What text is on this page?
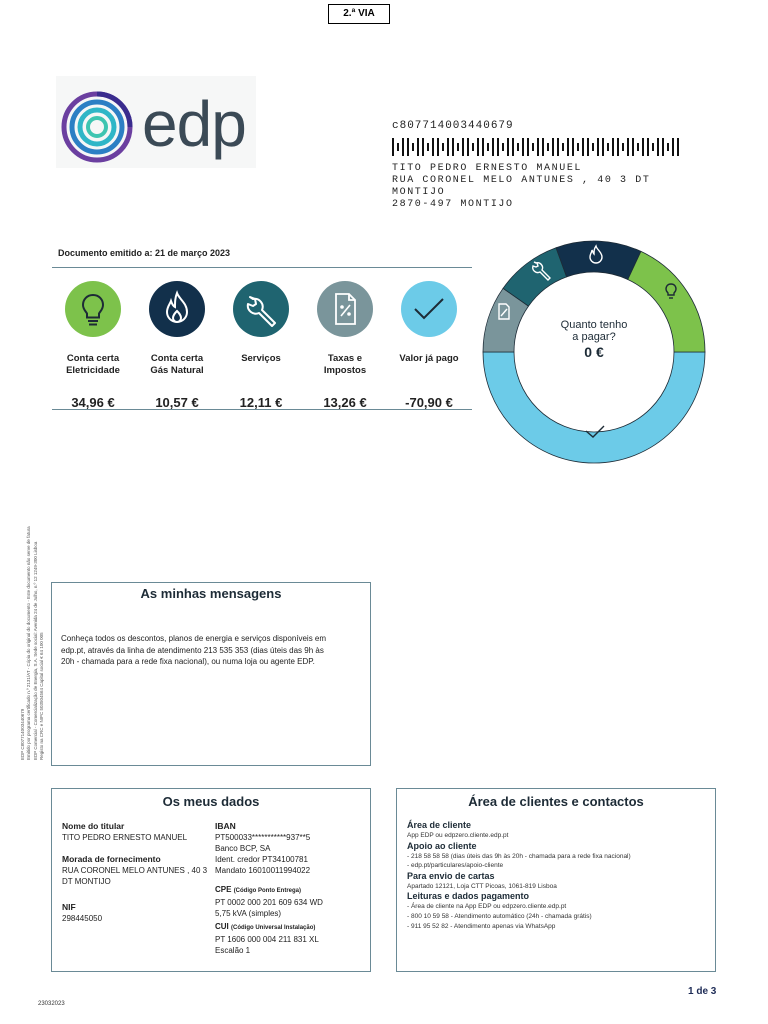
2.ª VIA
edp	c807714003440679
TITO PEDRO ERNESTO MANUEL
RUA CORONEL MELO ANTUNES , 40 3 DT
MONTIJO
2870-497 MONTIJO
Documento emitido a: 21 de março 2023
Conta certa
Eletricidade
34,96 €
Conta certa
Gás Natural
10,57 €
Serviços

12,11 €
Taxas e
Impostos
13,26 €
Valor já pago

-70,90 €
Quanto tenho
a pagar?
0 €
EDP C807714003440679 Emitido por programa certificado n.º 2131/AT - Cópia do original do documento - Este documento não serve de fatura EDP Comercial - Comercialização de Energia, S.A. Sede social: Avenida 24 de Julho, n.º 12 1249-300 Lisboa Registo na CRC e NIPC 503504564 Capital social € 64 100 005
As minhas mensagens
Conheça todos os descontos, planos de energia e serviços disponíveis em
edp.pt, através da linha de atendimento 213 535 353 (dias úteis das 9h às
20h - chamada para a rede fixa nacional), ou numa loja ou agente EDP.
Os meus dados
Nome do titular
TITO PEDRO ERNESTO MANUEL
Morada de fornecimento
RUA CORONEL MELO ANTUNES , 40 3
DT MONTIJO
NIF
298445050
IBAN
PT500033***********937**5
Banco BCP, SA
Ident. credor PT34100781
Mandato 16010011994022
CPE (Código Ponto Entrega)
PT 0002 000 201 609 634 WD
5,75 kVA (simples)
CUI (Código Universal Instalação)
PT 1606 000 004 211 831 XL
Escalão 1
Área de clientes e contactos
Área de cliente
App EDP ou edpzero.cliente.edp.pt
Apoio ao cliente
- 218 58 58 58 (dias úteis das 9h às 20h - chamada para a rede fixa nacional)
- edp.pt/particulares/apoio-cliente
Para envio de cartas
Apartado 12121, Loja CTT Picoas, 1061-819 Lisboa
Leituras e dados pagamento
- Área de cliente na App EDP ou edpzero.cliente.edp.pt
- 800 10 59 58 - Atendimento automático (24h - chamada grátis)
- 911 95 52 82 - Atendimento apenas via WhatsApp
1 de 3
23032023
